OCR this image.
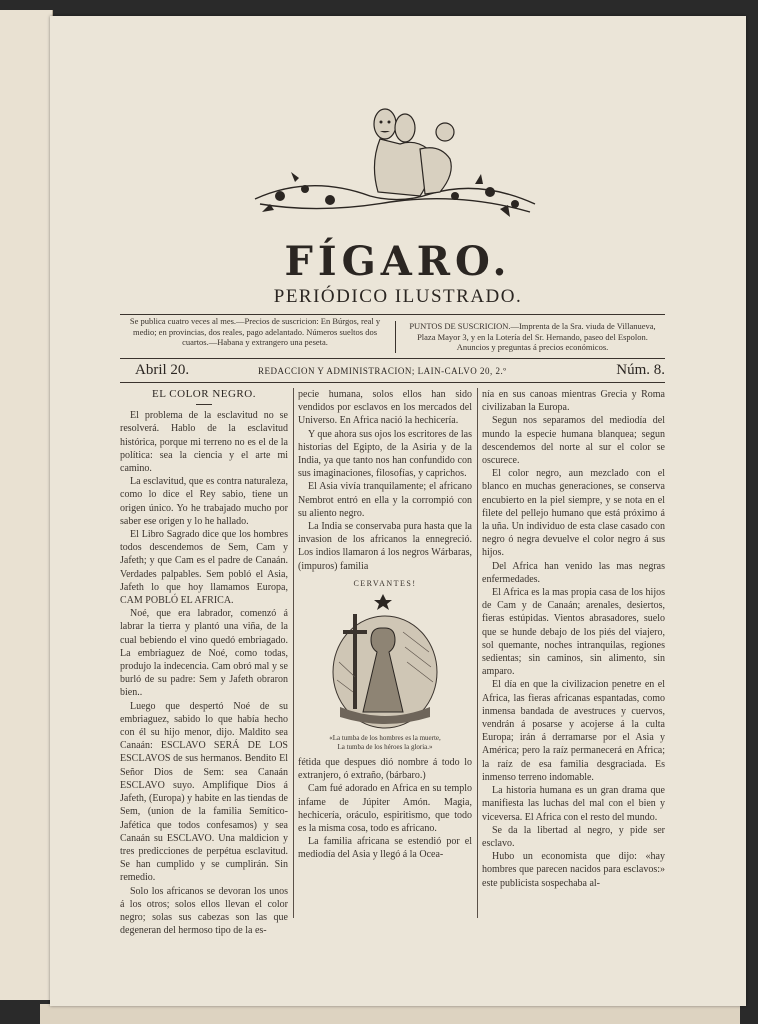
FÍGARO.
PERIÓDICO ILUSTRADO.
Se publica cuatro veces al mes.—Precios de suscricion: En Búrgos, real y medio; en provincias, dos reales, pago adelantado. Números sueltos dos cuartos.—Habana y extrangero una peseta.
PUNTOS DE SUSCRICION.—Imprenta de la Sra. viuda de Villanueva, Plaza Mayor 3, y en la Lotería del Sr. Hernando, paseo del Espolon. Anuncios y preguntas á precios económicos.
Abril 20.	REDACCION Y ADMINISTRACION; LAIN-CALVO 20, 2.º	Núm. 8.
EL COLOR NEGRO.

El problema de la esclavitud no se resolverá. Hablo de la esclavitud histórica, porque mi terreno no es el de la política: sea la ciencia y el arte mi camino.

La esclavitud, que es contra naturaleza, como lo dice el Rey sabio, tiene un origen único. Yo he trabajado mucho por saber ese origen y lo he hallado.

El Libro Sagrado dice que los hombres todos descendemos de Sem, Cam y Jafeth; y que Cam es el padre de Canaán. Verdades palpables. Sem pobló el Asia, Jafeth lo que hoy llamamos Europa, CAM POBLÓ EL AFRICA.

Noé, que era labrador, comenzó á labrar la tierra y plantó una viña, de la cual bebiendo el vino quedó embriagado. La embriaguez de Noé, como todas, produjo la indecencia. Cam obró mal y se burló de su padre: Sem y Jafeth obraron bien..

Luego que despertó Noé de su embriaguez, sabido lo que había hecho con él su hijo menor, dijo. Maldito sea Canaán: ESCLAVO SERÁ DE LOS ESCLAVOS de sus hermanos. Bendito El Señor Dios de Sem: sea Canaán ESCLAVO suyo. Amplifique Dios á Jafeth, (Europa) y habite en las tiendas de Sem, (union de la familia Semítico-Jafética que todos confesamos) y sea Canaán su ESCLAVO. Una maldicion y tres predicciones de perpétua esclavitud. Se han cumplido y se cumplirán. Sin remedio.

Solo los africanos se devoran los unos á los otros; solos ellos llevan el color negro; solas sus cabezas son las que degeneran del hermoso tipo de la es-

pecie humana, solos ellos han sido vendidos por esclavos en los mercados del Universo. En Africa nació la hechicería.

Y que ahora sus ojos los escritores de las historias del Egipto, de la Asiria y de la India, ya que tanto nos han confundido con sus imaginaciones, filosofías, y caprichos.

El Asia vivía tranquilamente; el africano Nembrot entró en ella y la corrompió con su aliento negro.

La India se conservaba pura hasta que la invasion de los africanos la ennegreció. Los indios llamaron á los negros Wárbaras, (impuros) familia

CERVANTES!
«La tumba de los hombres es la muerte,
La tumba de los héroes la gloria.»

fétida que despues dió nombre á todo lo extranjero, ó extraño, (bárbaro.)

Cam fué adorado en Africa en su templo infame de Júpiter Amón. Magia, hechicería, oráculo, espiritismo, que todo es la misma cosa, todo es africano.

La familia africana se estendió por el mediodía del Asia y llegó á la Ocea-

nía en sus canoas mientras Grecia y Roma civilizaban la Europa.

Segun nos separamos del mediodía del mundo la especie humana blanquea; segun descendemos del norte al sur el color se oscurece.

El color negro, aun mezclado con el blanco en muchas generaciones, se conserva encubierto en la piel siempre, y se nota en el filete del pellejo humano que está próximo á la uña. Un individuo de esta clase casado con negro ó negra devuelve el color negro á sus hijos.

Del Africa han venido las mas negras enfermedades.

El Africa es la mas propia casa de los hijos de Cam y de Canaán; arenales, desiertos, fieras estúpidas. Vientos abrasadores, suelo que se hunde debajo de los piés del viajero, sol quemante, noches intranquilas, regiones sedientas; sin caminos, sin alimento, sin amparo.

El día en que la civilizacion penetre en el Africa, las fieras africanas espantadas, como inmensa bandada de avestruces y cuervos, vendrán á posarse y acojerse á la culta Europa; irán á derramarse por el Asia y América; pero la raíz permanecerá en Africa; la raíz de esa familia desgraciada. Es inmenso terreno indomable.

La historia humana es un gran drama que manifiesta las luchas del mal con el bien y viceversa. El Africa con el resto del mundo.

Se da la libertad al negro, y pide ser esclavo.

Hubo un economista que dijo: «hay hombres que parecen nacidos para esclavos:» este publicista sospechaba al-
